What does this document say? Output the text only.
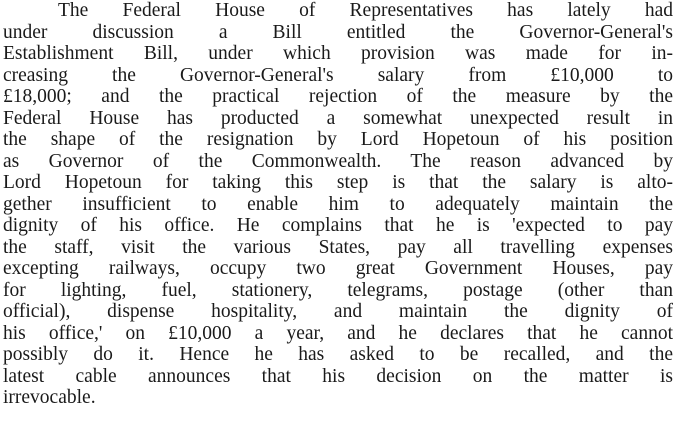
The Federal House of Representatives has lately had
under discussion a Bill entitled the Governor-General's
Establishment Bill, under which provision was made for in-
creasing the Governor-General's salary from £10,000 to
£18,000; and the practical rejection of the measure by the
Federal House has producted a somewhat unexpected result in
the shape of the resignation by Lord Hopetoun of his position
as Governor of the Commonwealth. The reason advanced by
Lord Hopetoun for taking this step is that the salary is alto-
gether insufficient to enable him to adequately maintain the
dignity of his office. He complains that he is 'expected to pay
the staff, visit the various States, pay all travelling expenses
excepting railways, occupy two great Government Houses, pay
for lighting, fuel, stationery, telegrams, postage (other than
official), dispense hospitality, and maintain the dignity of
his office,' on £10,000 a year, and he declares that he cannot
possibly do it. Hence he has asked to be recalled, and the
latest cable announces that his decision on the matter is
irrevocable.
